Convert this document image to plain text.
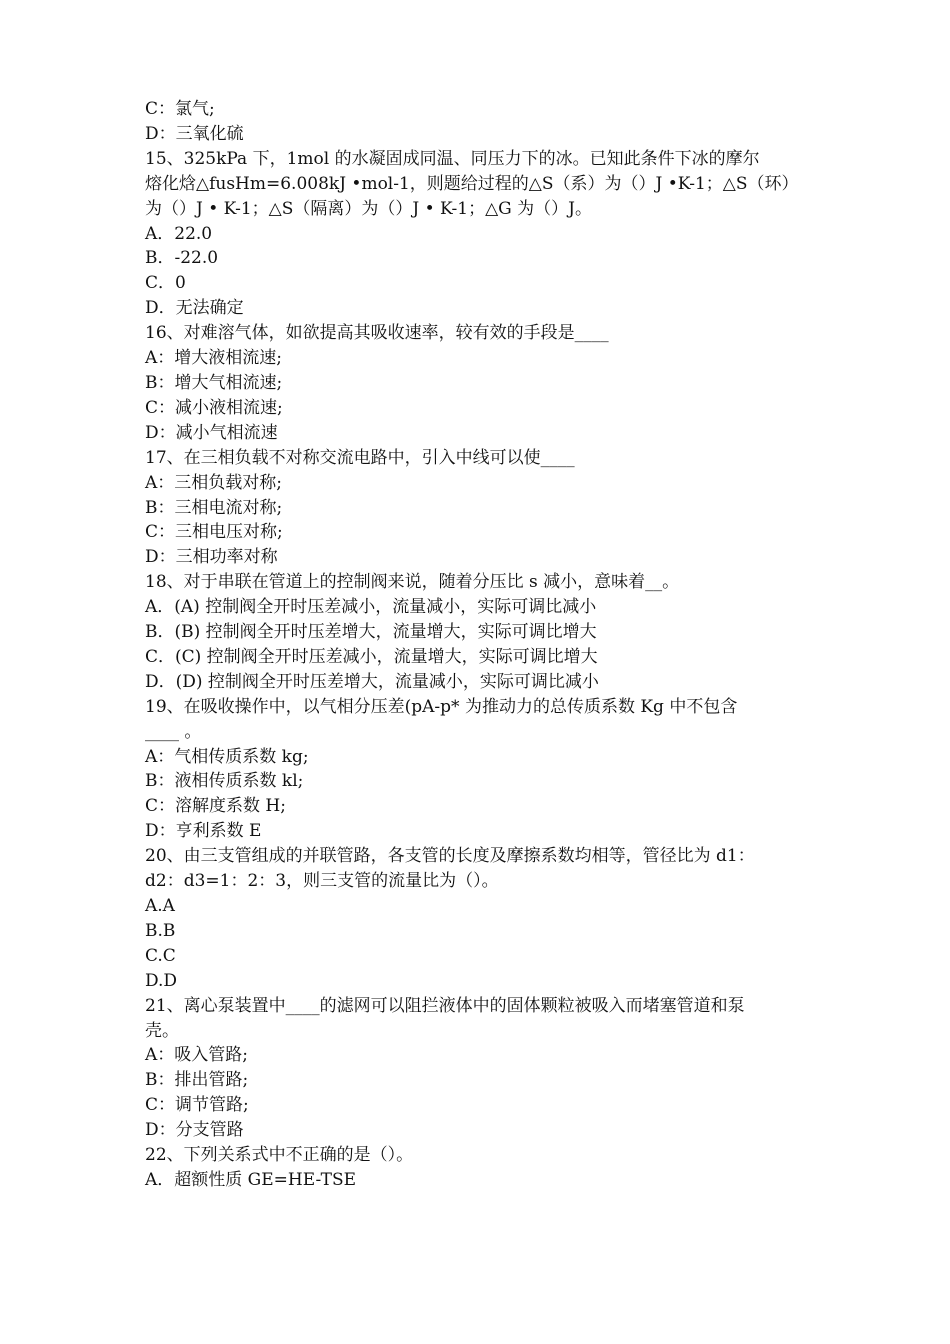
C：氯气;
D：三氧化硫
15、325kPa 下，1mol 的水凝固成同温、同压力下的冰。已知此条件下冰的摩尔
熔化焓△fusHm=6.008kJ •mol-1，则题给过程的△S（系）为（）J •K-1；△S（环）
为（）J • K-1；△S（隔离）为（）J • K-1；△G 为（）J。
A．22.0
B．-22.0
C．0
D．无法确定
16、对难溶气体，如欲提高其吸收速率，较有效的手段是____
A：增大液相流速;
B：增大气相流速;
C：减小液相流速;
D：减小气相流速
17、在三相负载不对称交流电路中，引入中线可以使____
A：三相负载对称;
B：三相电流对称;
C：三相电压对称;
D：三相功率对称
18、对于串联在管道上的控制阀来说，随着分压比 s 减小，意味着__。
A．(A) 控制阀全开时压差减小，流量减小，实际可调比减小
B．(B) 控制阀全开时压差增大，流量增大，实际可调比增大
C．(C) 控制阀全开时压差减小，流量增大，实际可调比增大
D．(D) 控制阀全开时压差增大，流量减小，实际可调比减小
19、在吸收操作中，以气相分压差(pA-p* 为推动力的总传质系数 Kg 中不包含
____ 。
A：气相传质系数 kg;
B：液相传质系数 kl;
C：溶解度系数 H;
D：亨利系数 E
20、由三支管组成的并联管路，各支管的长度及摩擦系数均相等，管径比为 d1：
d2：d3=1：2：3，则三支管的流量比为（）。
A.A
B.B
C.C
D.D
21、离心泵装置中____的滤网可以阻拦液体中的固体颗粒被吸入而堵塞管道和泵
壳。
A：吸入管路;
B：排出管路;
C：调节管路;
D：分支管路
22、下列关系式中不正确的是（）。
A．超额性质 GE=HE-TSE
